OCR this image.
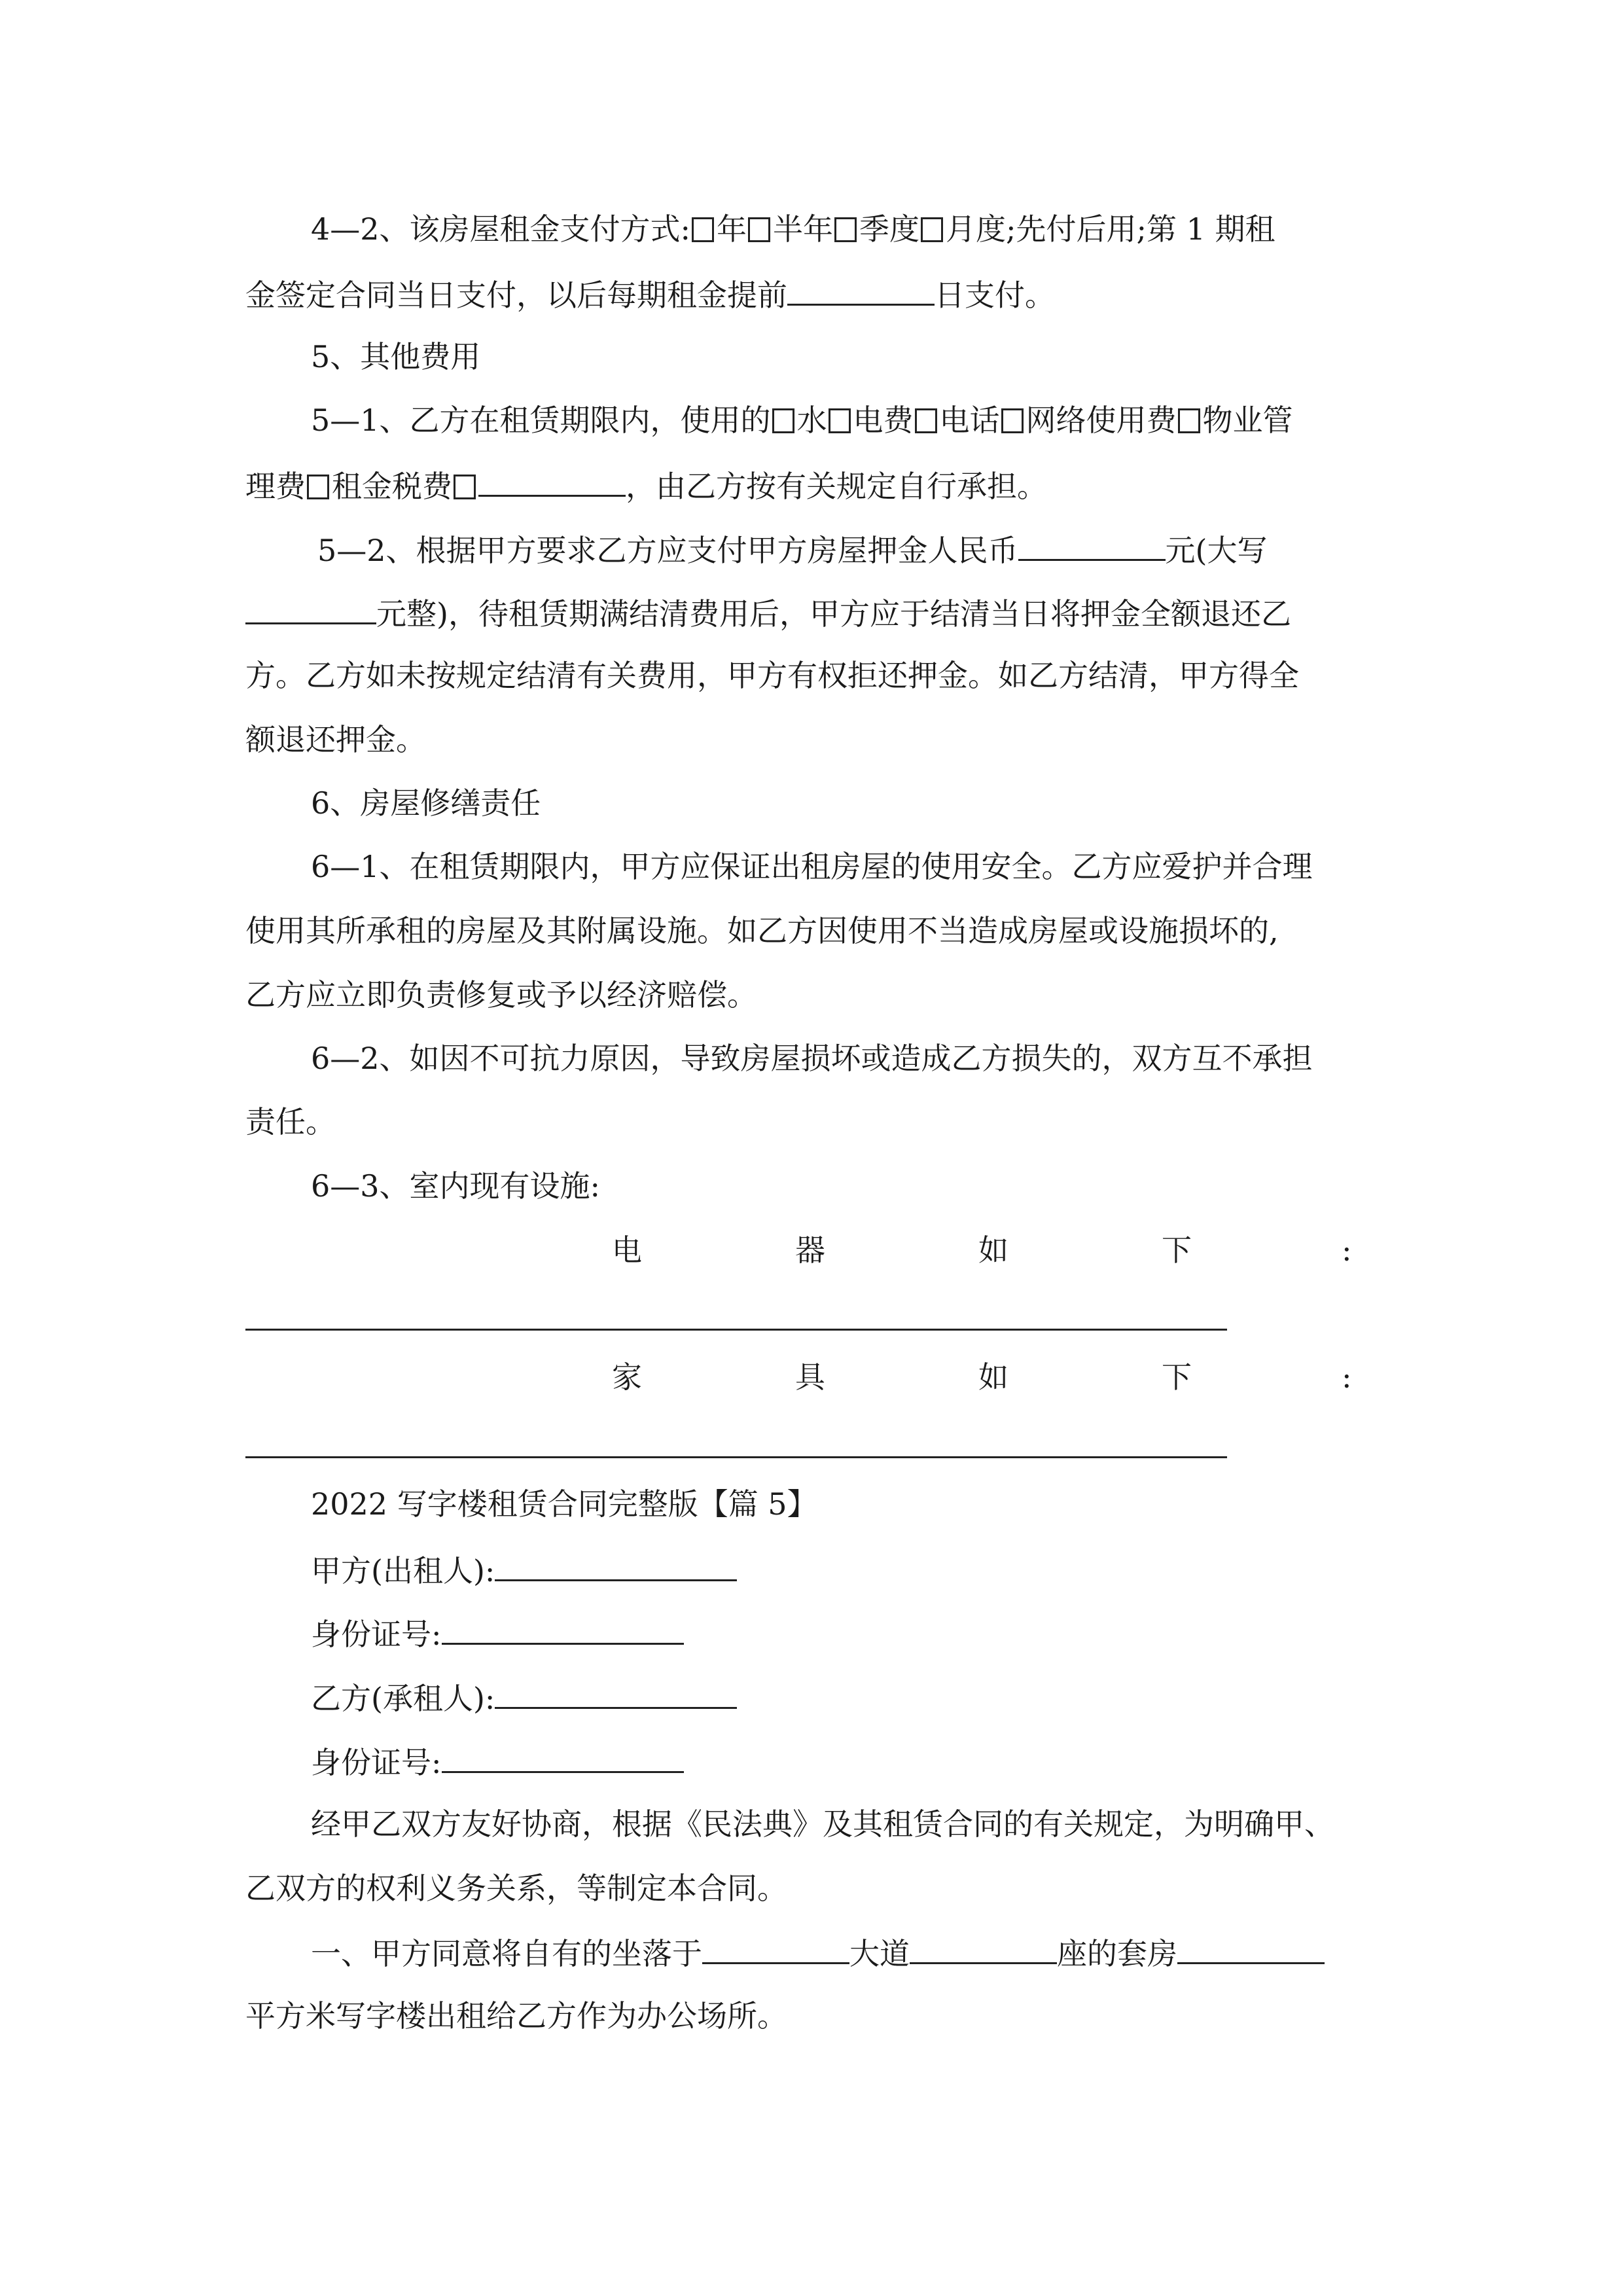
4—2、该房屋租金支付方式: 年 半年 季度 月度;先付后用;第 1 期租
金签定合同当日支付，以后每期租金提前	日支付。
5、其他费用
5—1、乙方在租赁期限内，使用的 水 电费 电话 网络使用费 物业管
理费 租金税费	，由乙方按有关规定自行承担。
5—2、根据甲方要求乙方应支付甲方房屋押金人民币	元(大写
元整)，待租赁期满结清费用后，甲方应于结清当日将押金全额退还乙
方。乙方如未按规定结清有关费用，甲方有权拒还押金。如乙方结清，甲方得全
额退还押金。
6、房屋修缮责任
6—1、在租赁期限内，甲方应保证出租房屋的使用安全。乙方应爱护并合理
使用其所承租的房屋及其附属设施。如乙方因使用不当造成房屋或设施损坏的,
乙方应立即负责修复或予以经济赔偿。
6—2、如因不可抗力原因，导致房屋损坏或造成乙方损失的，双方互不承担
责任。
6—3、室内现有设施:
电	器	如	下	:
家	具	如	下	:
2022 写字楼租赁合同完整版【篇 5】
甲方(出租人):
身份证号:
乙方(承租人):
身份证号:
经甲乙双方友好协商，根据《民法典》及其租赁合同的有关规定，为明确甲、
乙双方的权利义务关系，等制定本合同。
一、甲方同意将自有的坐落于	大道	座的套房
平方米写字楼出租给乙方作为办公场所。
